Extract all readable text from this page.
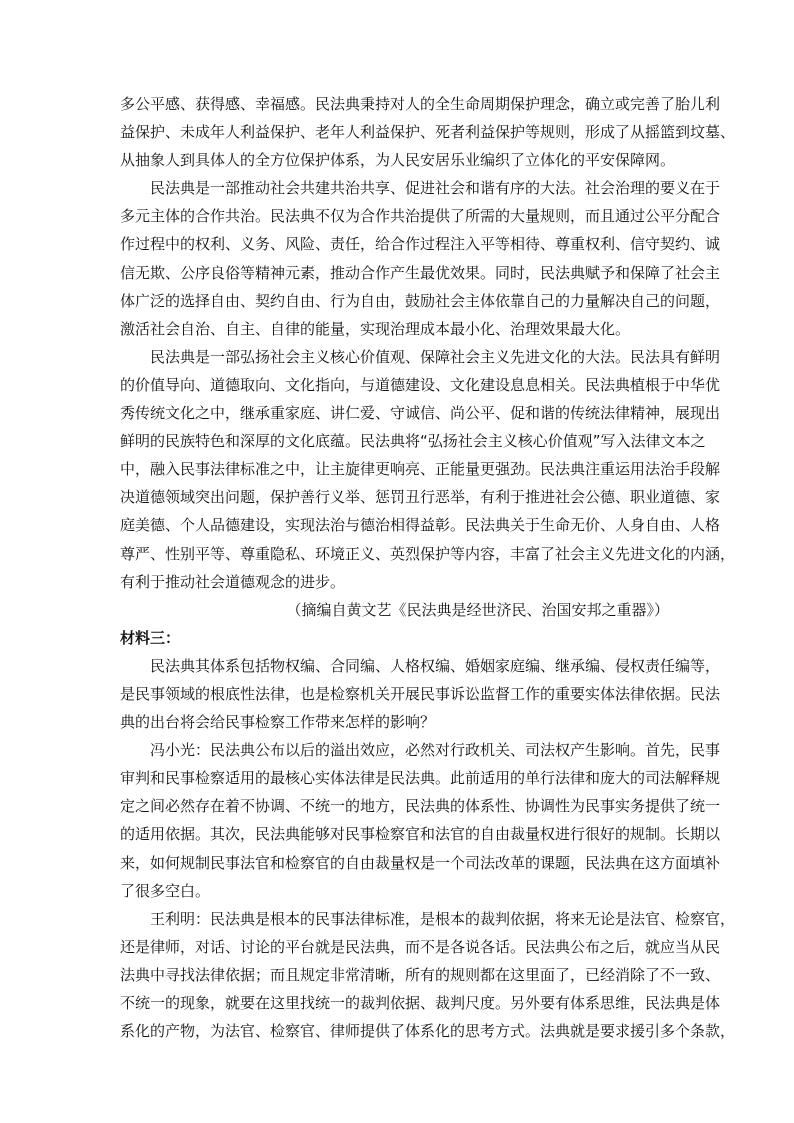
多公平感、获得感、幸福感。民法典秉持对人的全生命周期保护理念，确立或完善了胎儿利
益保护、未成年人利益保护、老年人利益保护、死者利益保护等规则，形成了从摇篮到坟墓、
从抽象人到具体人的全方位保护体系，为人民安居乐业编织了立体化的平安保障网。
民法典是一部推动社会共建共治共享、促进社会和谐有序的大法。社会治理的要义在于
多元主体的合作共治。民法典不仅为合作共治提供了所需的大量规则，而且通过公平分配合
作过程中的权利、义务、风险、责任，给合作过程注入平等相待、尊重权利、信守契约、诚
信无欺、公序良俗等精神元素，推动合作产生最优效果。同时，民法典赋予和保障了社会主
体广泛的选择自由、契约自由、行为自由，鼓励社会主体依靠自己的力量解决自己的问题，
激活社会自治、自主、自律的能量，实现治理成本最小化、治理效果最大化。
民法典是一部弘扬社会主义核心价值观、保障社会主义先进文化的大法。民法具有鲜明
的价值导向、道德取向、文化指向，与道德建设、文化建设息息相关。民法典植根于中华优
秀传统文化之中，继承重家庭、讲仁爱、守诚信、尚公平、促和谐的传统法律精神，展现出
鲜明的民族特色和深厚的文化底蕴。民法典将“弘扬社会主义核心价值观”写入法律文本之
中，融入民事法律标准之中，让主旋律更响亮、正能量更强劲。民法典注重运用法治手段解
决道德领域突出问题，保护善行义举、惩罚丑行恶举，有利于推进社会公德、职业道德、家
庭美德、个人品德建设，实现法治与德治相得益彰。民法典关于生命无价、人身自由、人格
尊严、性别平等、尊重隐私、环境正义、英烈保护等内容，丰富了社会主义先进文化的内涵，
有利于推动社会道德观念的进步。
（摘编自黄文艺《民法典是经世济民、治国安邦之重器》）
材料三：
民法典其体系包括物权编、合同编、人格权编、婚姻家庭编、继承编、侵权责任编等，
是民事领域的根底性法律，也是检察机关开展民事诉讼监督工作的重要实体法律依据。民法
典的出台将会给民事检察工作带来怎样的影响？
冯小光：民法典公布以后的溢出效应，必然对行政机关、司法权产生影响。首先，民事
审判和民事检察适用的最核心实体法律是民法典。此前适用的单行法律和庞大的司法解释规
定之间必然存在着不协调、不统一的地方，民法典的体系性、协调性为民事实务提供了统一
的适用依据。其次，民法典能够对民事检察官和法官的自由裁量权进行很好的规制。长期以
来，如何规制民事法官和检察官的自由裁量权是一个司法改革的课题，民法典在这方面填补
了很多空白。
王利明：民法典是根本的民事法律标准，是根本的裁判依据，将来无论是法官、检察官，
还是律师，对话、讨论的平台就是民法典，而不是各说各话。民法典公布之后，就应当从民
法典中寻找法律依据；而且规定非常清晰，所有的规则都在这里面了，已经消除了不一致、
不统一的现象，就要在这里找统一的裁判依据、裁判尺度。另外要有体系思维，民法典是体
系化的产物，为法官、检察官、律师提供了体系化的思考方式。法典就是要求援引多个条款，
